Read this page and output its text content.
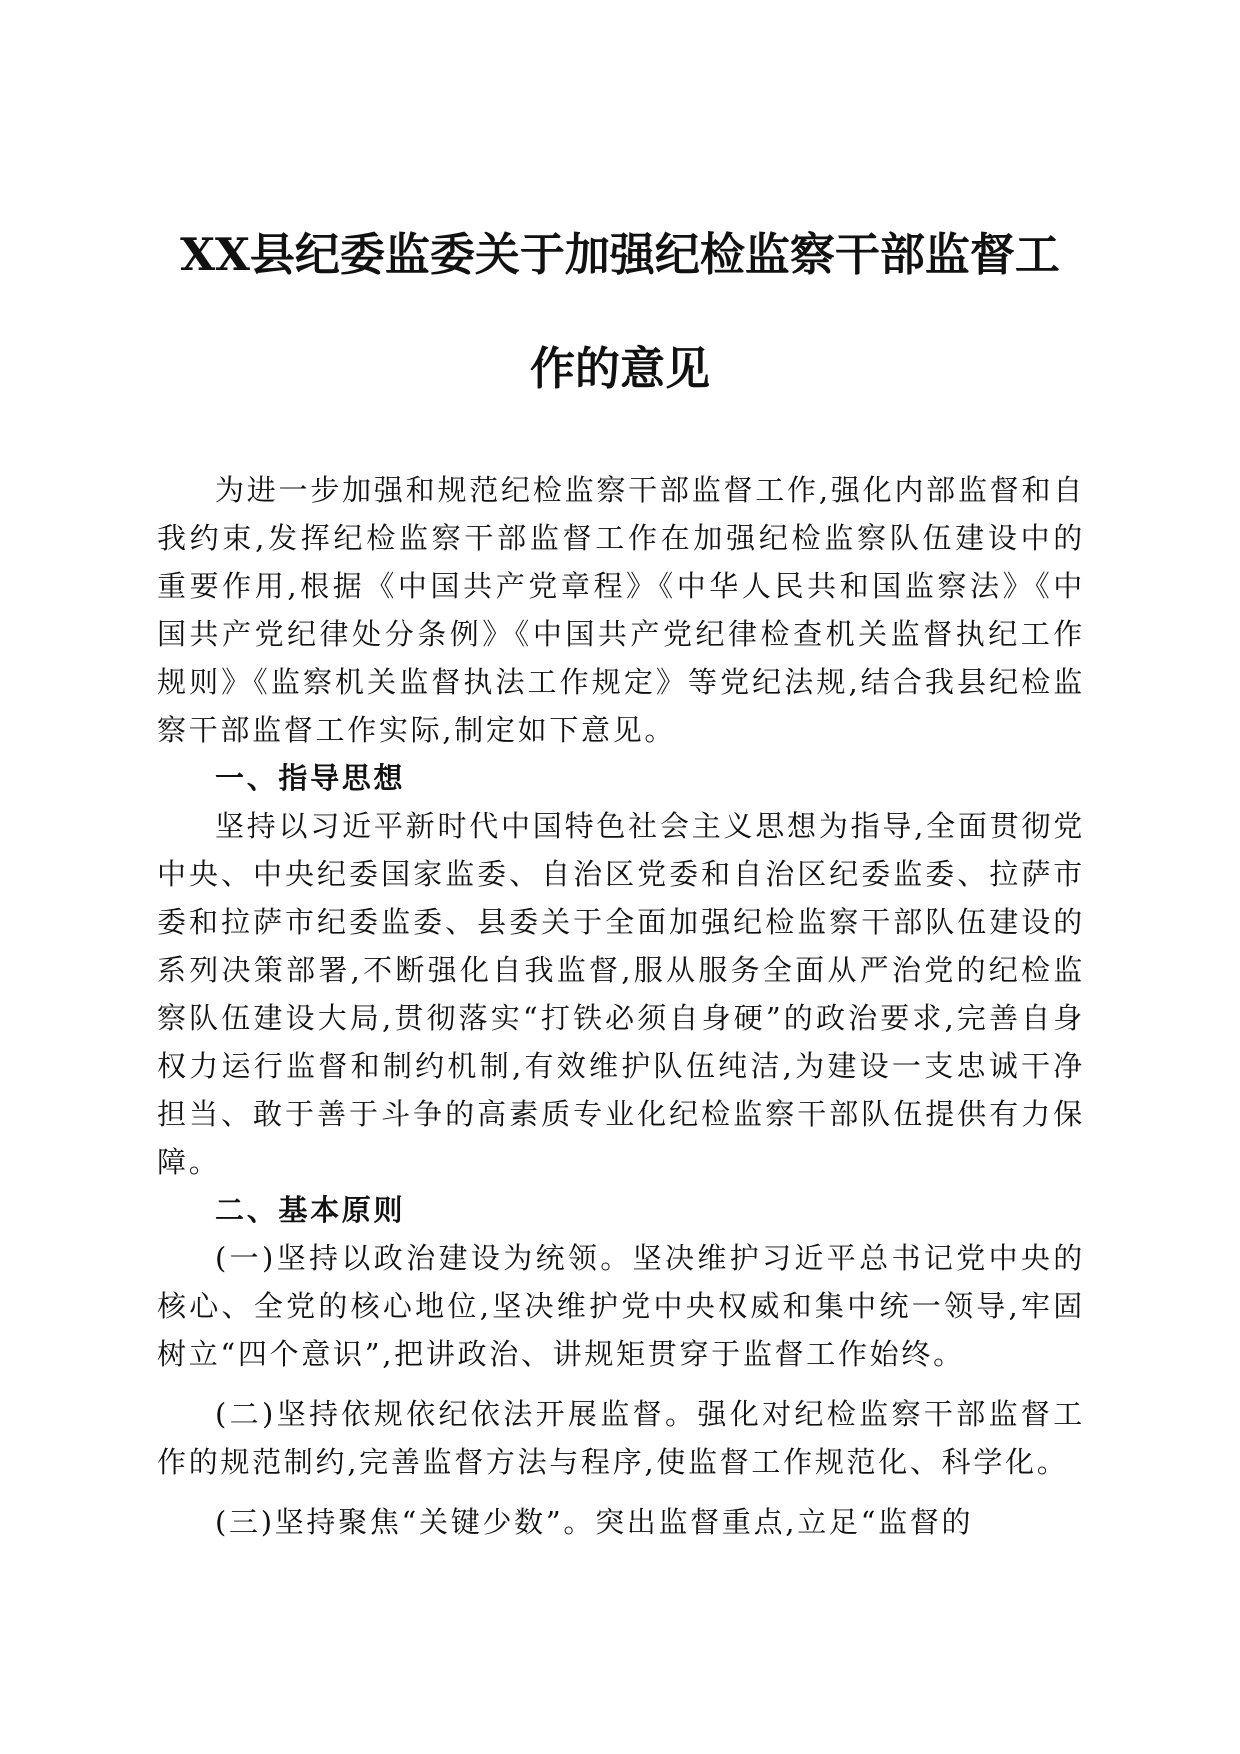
XX县纪委监委关于加强纪检监察干部监督工
作的意见

为进一步加强和规范纪检监察干部监督工作,强化内部监督和自我约束,发挥纪检监察干部监督工作在加强纪检监察队伍建设中的重要作用,根据《中国共产党章程》《中华人民共和国监察法》《中国共产党纪律处分条例》《中国共产党纪律检查机关监督执纪工作规则》《监察机关监督执法工作规定》等党纪法规,结合我县纪检监察干部监督工作实际,制定如下意见。

一、指导思想

坚持以习近平新时代中国特色社会主义思想为指导,全面贯彻党中央、中央纪委国家监委、自治区党委和自治区纪委监委、拉萨市委和拉萨市纪委监委、县委关于全面加强纪检监察干部队伍建设的系列决策部署,不断强化自我监督,服从服务全面从严治党的纪检监察队伍建设大局,贯彻落实“打铁必须自身硬”的政治要求,完善自身权力运行监督和制约机制,有效维护队伍纯洁,为建设一支忠诚干净担当、敢于善于斗争的高素质专业化纪检监察干部队伍提供有力保障。

二、基本原则

(一)坚持以政治建设为统领。坚决维护习近平总书记党中央的核心、全党的核心地位,坚决维护党中央权威和集中统一领导,牢固树立“四个意识”,把讲政治、讲规矩贯穿于监督工作始终。

(二)坚持依规依纪依法开展监督。强化对纪检监察干部监督工作的规范制约,完善监督方法与程序,使监督工作规范化、科学化。

(三)坚持聚焦“关键少数”。突出监督重点,立足“监督的
